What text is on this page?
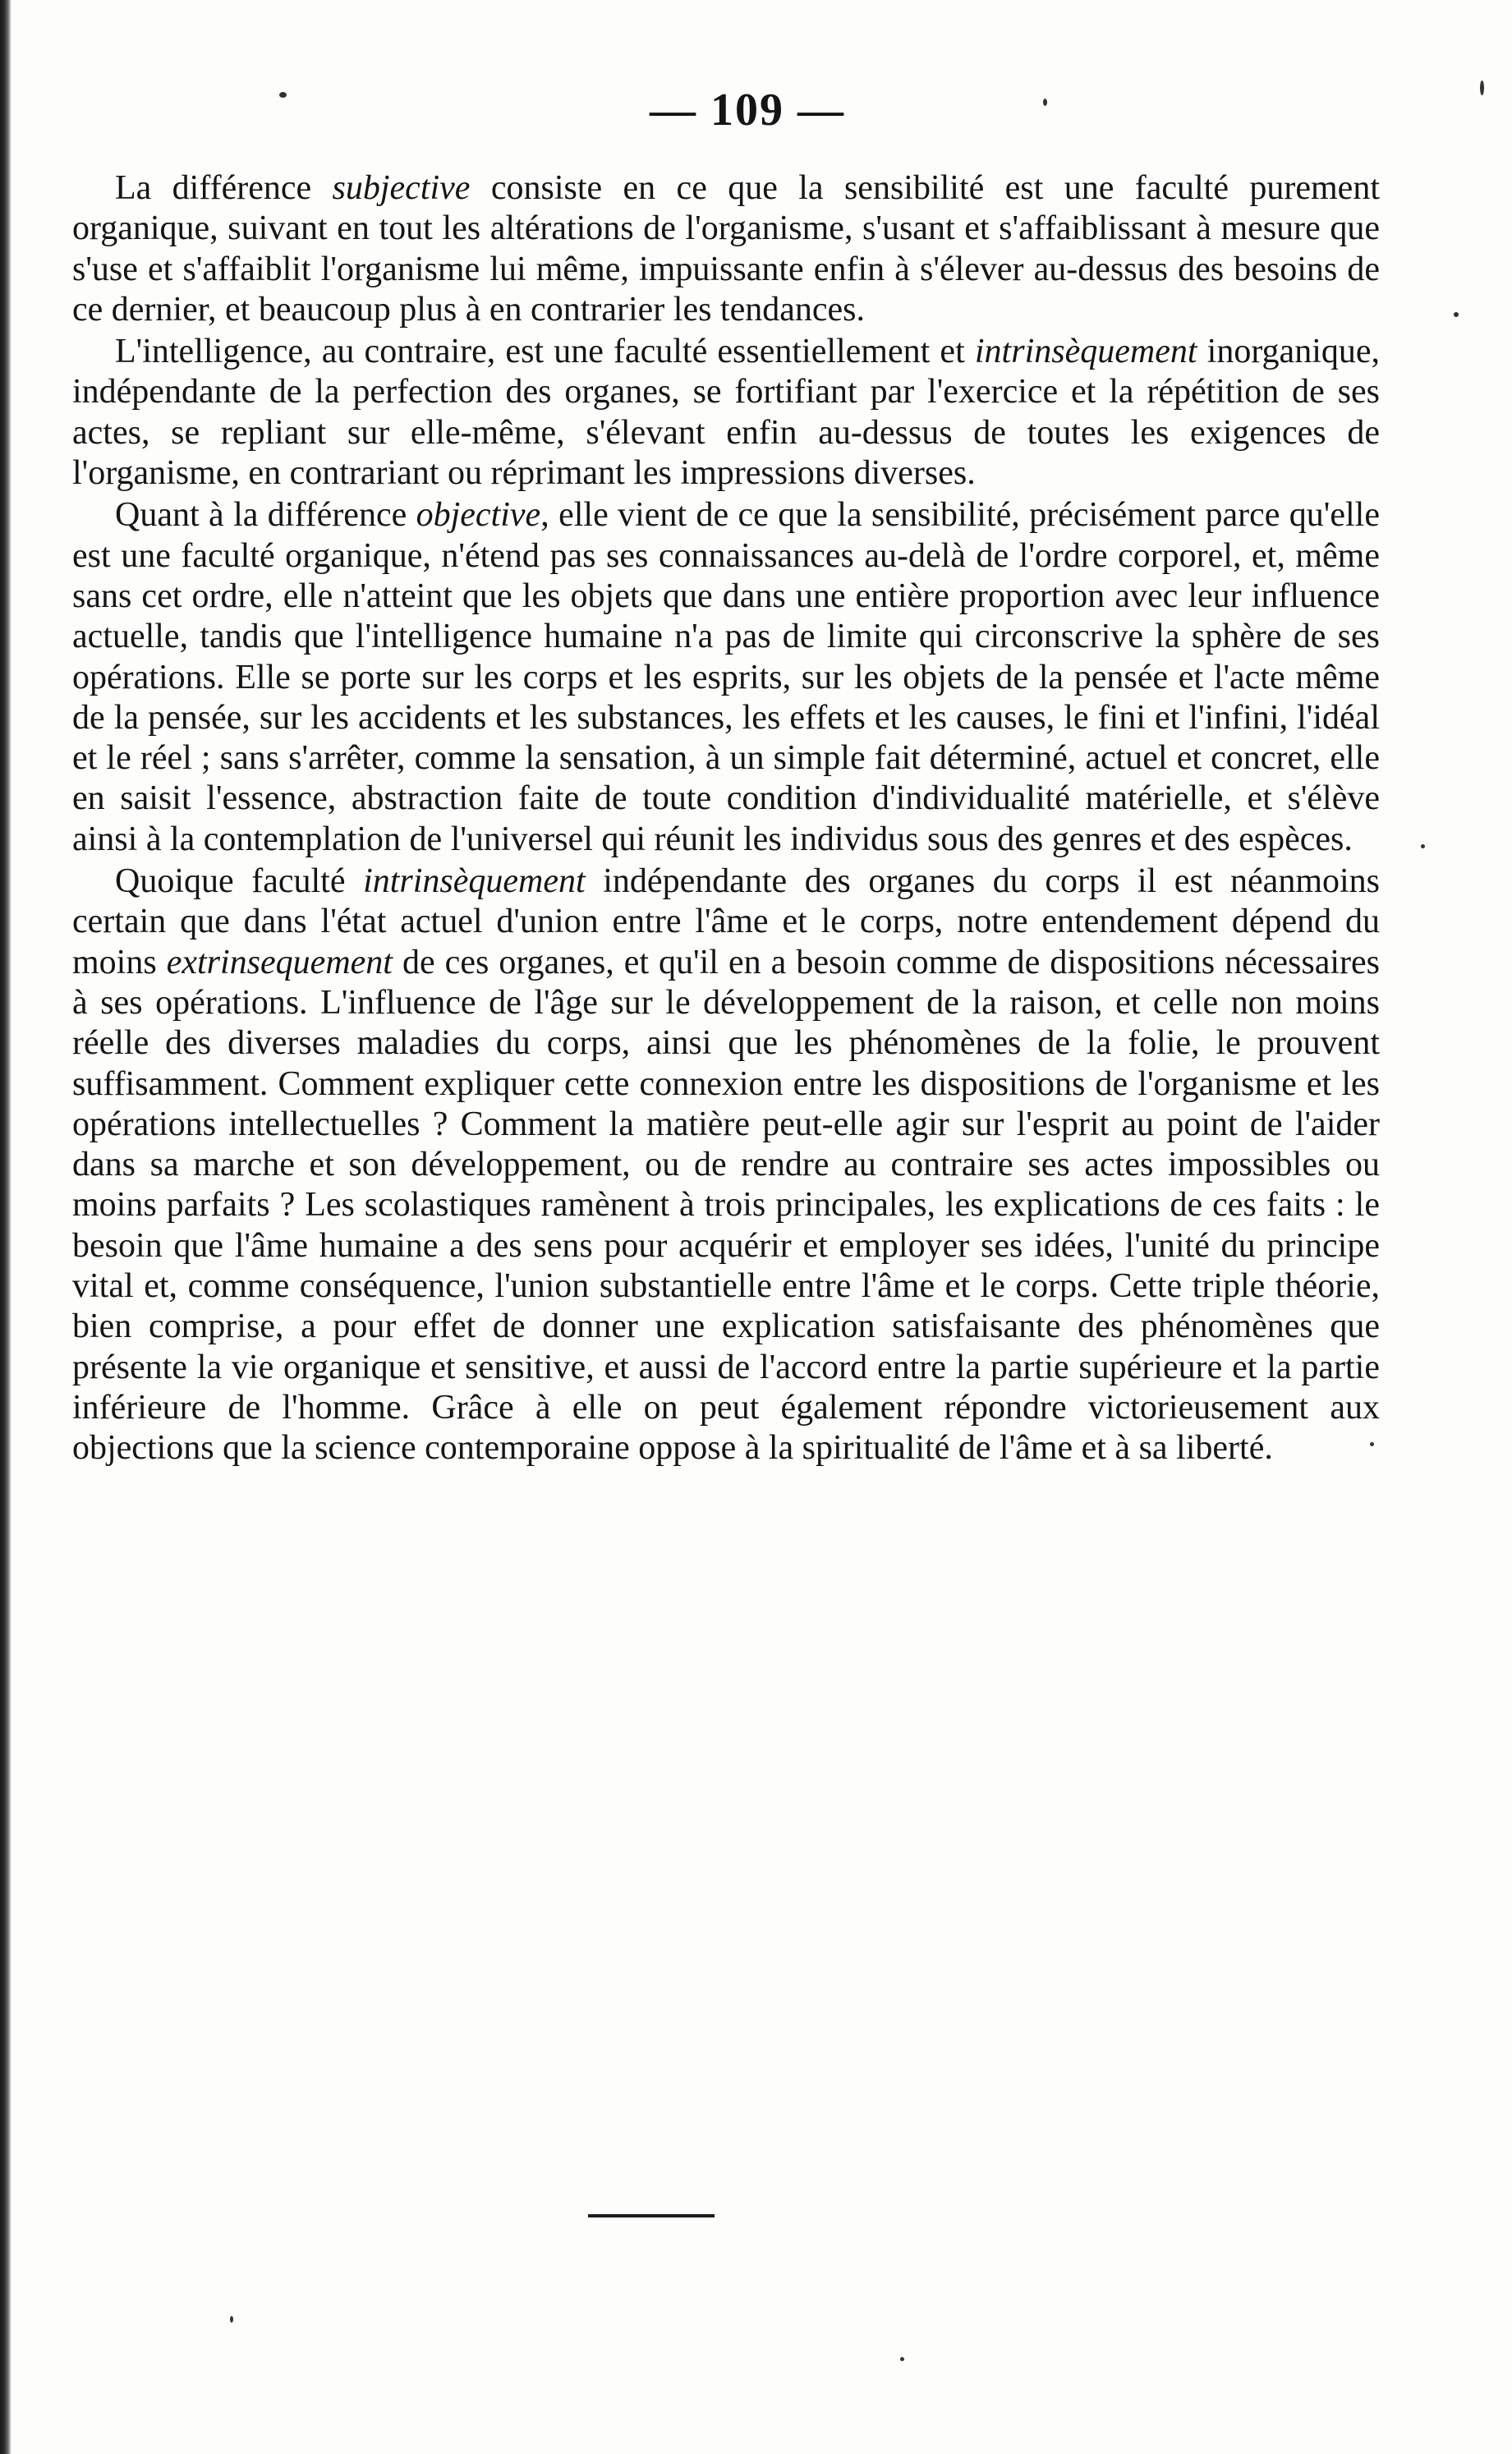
— 109 —

La différence subjective consiste en ce que la sensibilité est une faculté purement organique, suivant en tout les altérations de l'organisme, s'usant et s'affaiblissant à mesure que s'use et s'affaiblit l'organisme lui même, impuissante enfin à s'élever au-dessus des besoins de ce dernier, et beaucoup plus à en contrarier les tendances.

L'intelligence, au contraire, est une faculté essentiellement et intrinsèquement inorganique, indépendante de la perfection des organes, se fortifiant par l'exercice et la répétition de ses actes, se repliant sur elle-même, s'élevant enfin au-dessus de toutes les exigences de l'organisme, en contrariant ou réprimant les impressions diverses.

Quant à la différence objective, elle vient de ce que la sensibilité, précisément parce qu'elle est une faculté organique, n'étend pas ses connaissances au-delà de l'ordre corporel, et, même sans cet ordre, elle n'atteint que les objets que dans une entière proportion avec leur influence actuelle, tandis que l'intelligence humaine n'a pas de limite qui circonscrive la sphère de ses opérations. Elle se porte sur les corps et les esprits, sur les objets de la pensée et l'acte même de la pensée, sur les accidents et les substances, les effets et les causes, le fini et l'infini, l'idéal et le réel ; sans s'arrêter, comme la sensation, à un simple fait déterminé, actuel et concret, elle en saisit l'essence, abstraction faite de toute condition d'individualité matérielle, et s'élève ainsi à la contemplation de l'universel qui réunit les individus sous des genres et des espèces.

Quoique faculté intrinsèquement indépendante des organes du corps il est néanmoins certain que dans l'état actuel d'union entre l'âme et le corps, notre entendement dépend du moins extrinsequement de ces organes, et qu'il en a besoin comme de dispositions nécessaires à ses opérations. L'influence de l'âge sur le développement de la raison, et celle non moins réelle des diverses maladies du corps, ainsi que les phénomènes de la folie, le prouvent suffisamment. Comment expliquer cette connexion entre les dispositions de l'organisme et les opérations intellectuelles ? Comment la matière peut-elle agir sur l'esprit au point de l'aider dans sa marche et son développement, ou de rendre au contraire ses actes impossibles ou moins parfaits ? Les scolastiques ramènent à trois principales, les explications de ces faits : le besoin que l'âme humaine a des sens pour acquérir et employer ses idées, l'unité du principe vital et, comme conséquence, l'union substantielle entre l'âme et le corps. Cette triple théorie, bien comprise, a pour effet de donner une explication satisfaisante des phénomènes que présente la vie organique et sensitive, et aussi de l'accord entre la partie supérieure et la partie inférieure de l'homme. Grâce à elle on peut également répondre victorieusement aux objections que la science contemporaine oppose à la spiritualité de l'âme et à sa liberté.
